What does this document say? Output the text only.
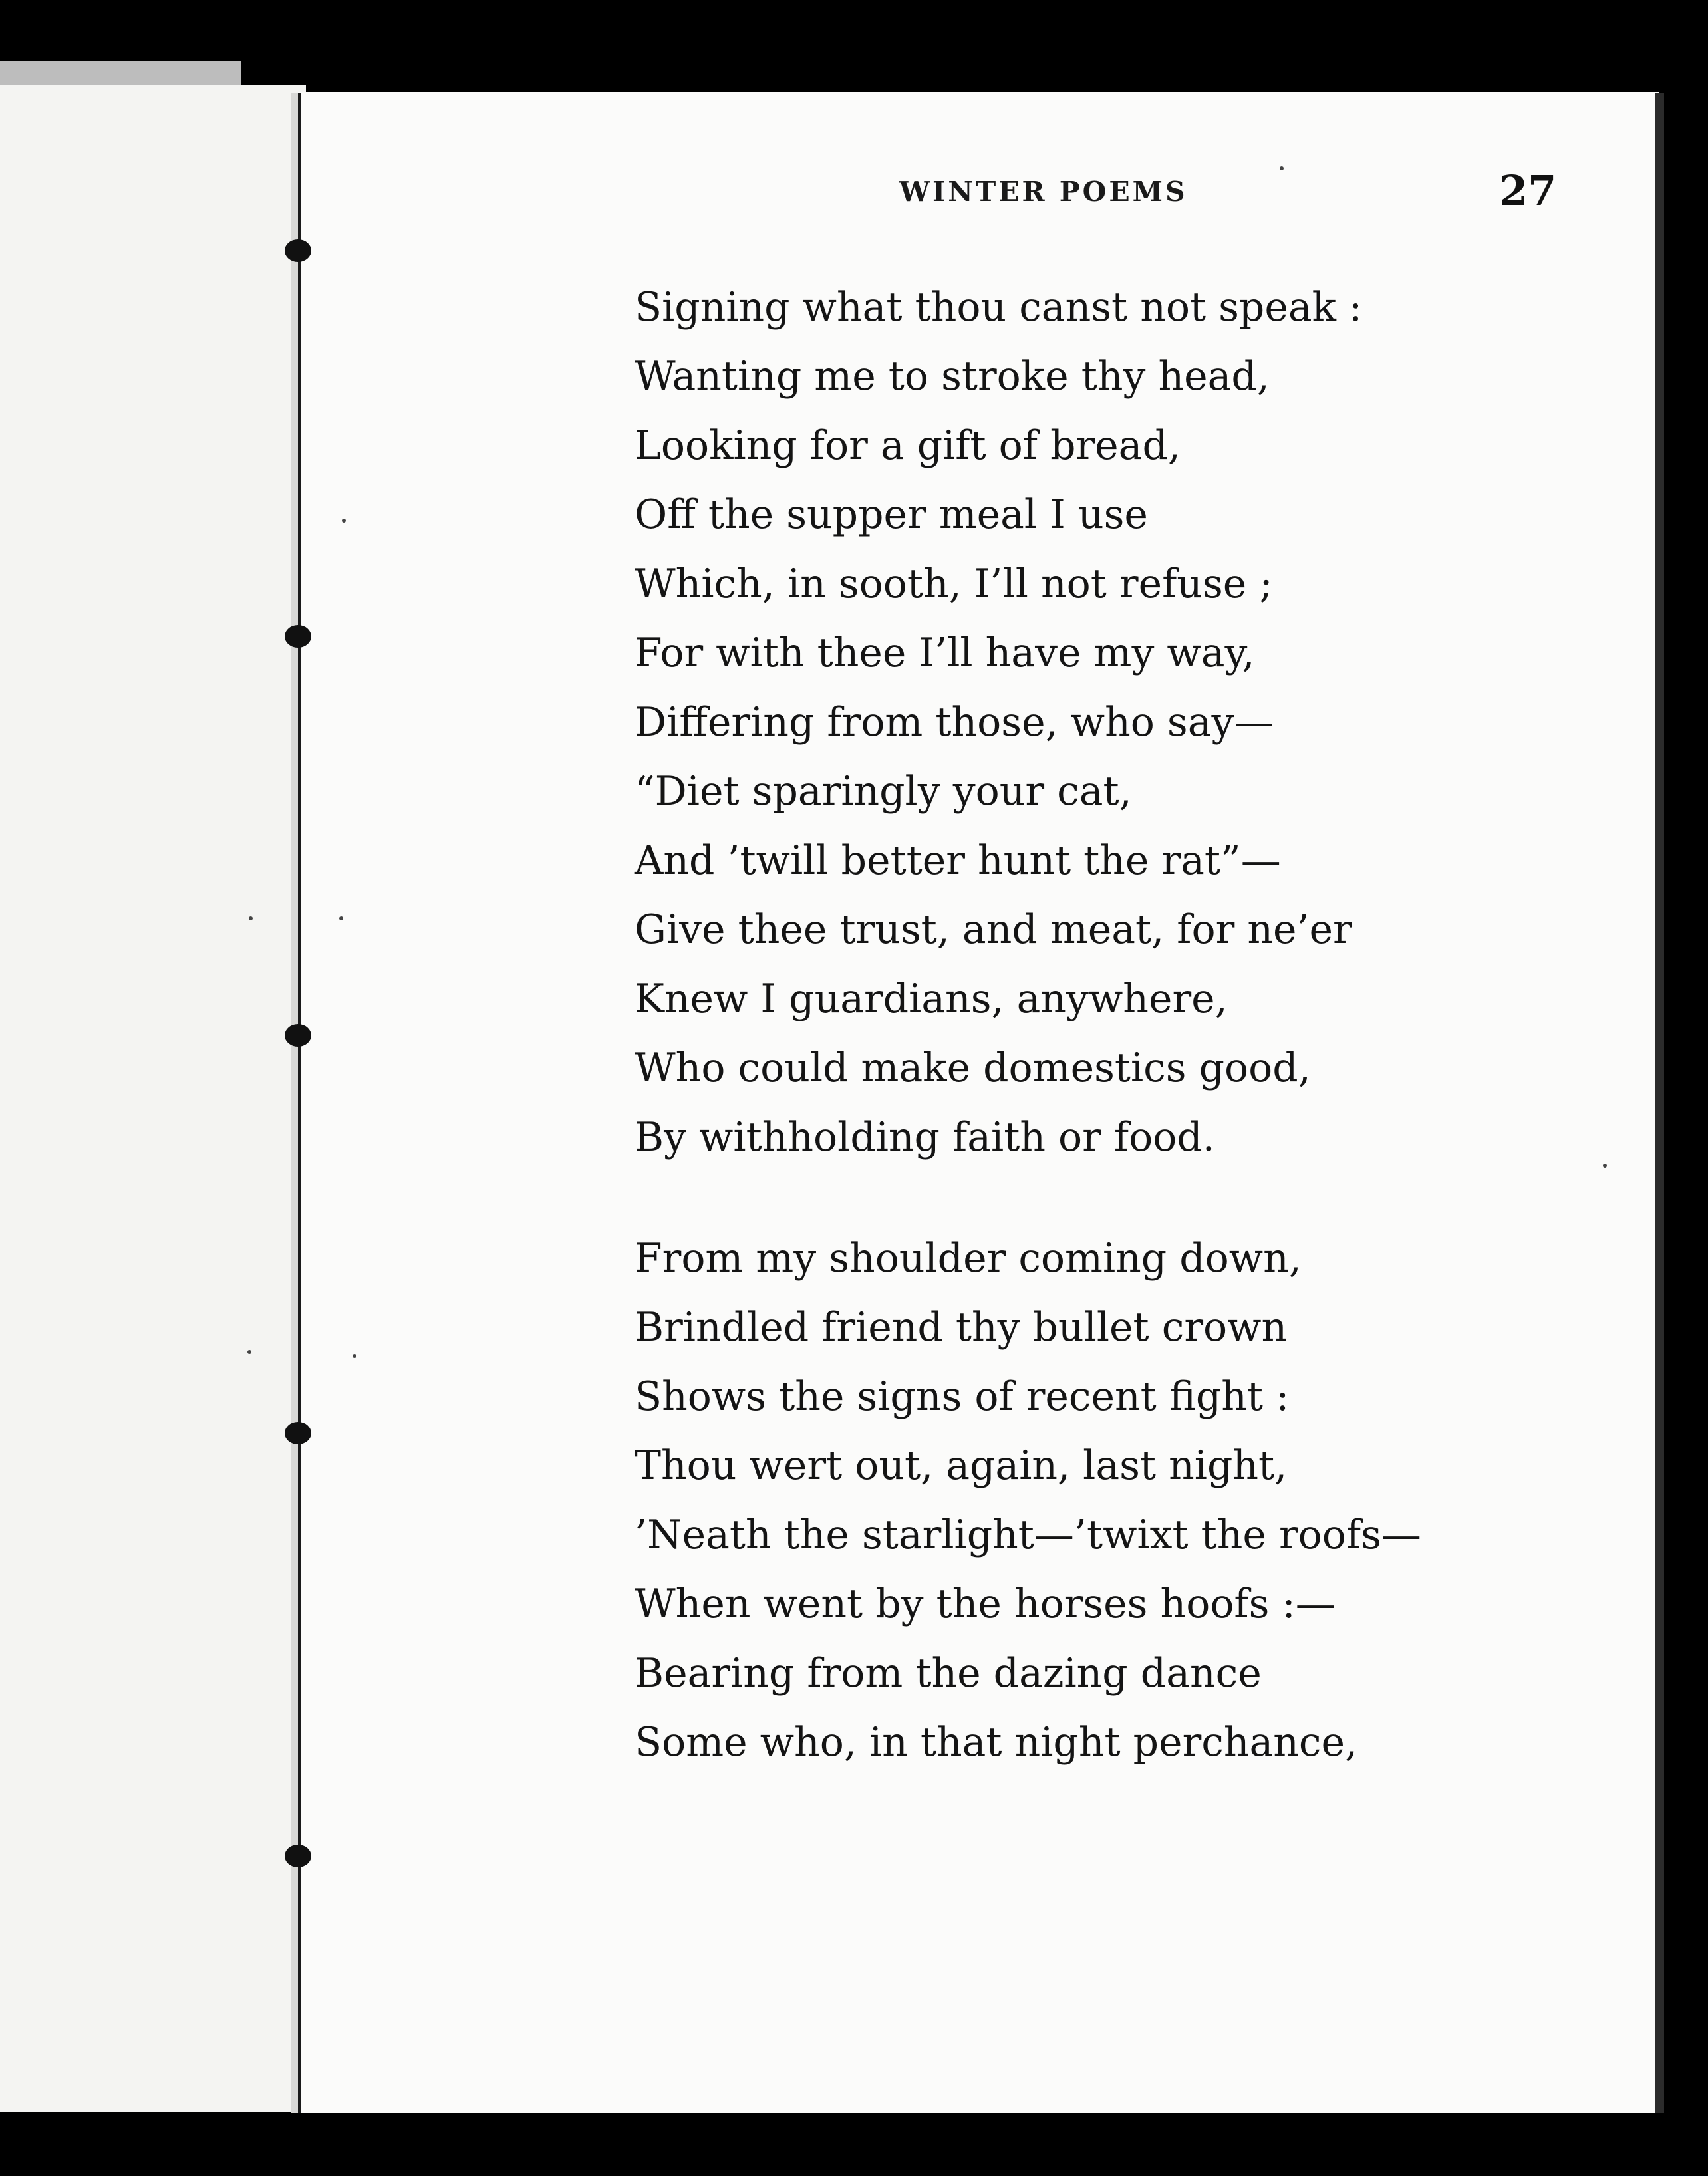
WINTER POEMS	27
Signing what thou canst not speak :
Wanting me to stroke thy head,
Looking for a gift of bread,
Off the supper meal I use
Which, in sooth, I’ll not refuse ;
For with thee I’ll have my way,
Differing from those, who say—
“Diet sparingly your cat,
And ’twill better hunt the rat”—
Give thee trust, and meat, for ne’er
Knew I guardians, anywhere,
Who could make domestics good,
By withholding faith or food.
From my shoulder coming down,
Brindled friend thy bullet crown
Shows the signs of recent fight :
Thou wert out, again, last night,
’Neath the starlight—’twixt the roofs—
When went by the horses hoofs :—
Bearing from the dazing dance
Some who, in that night perchance,
